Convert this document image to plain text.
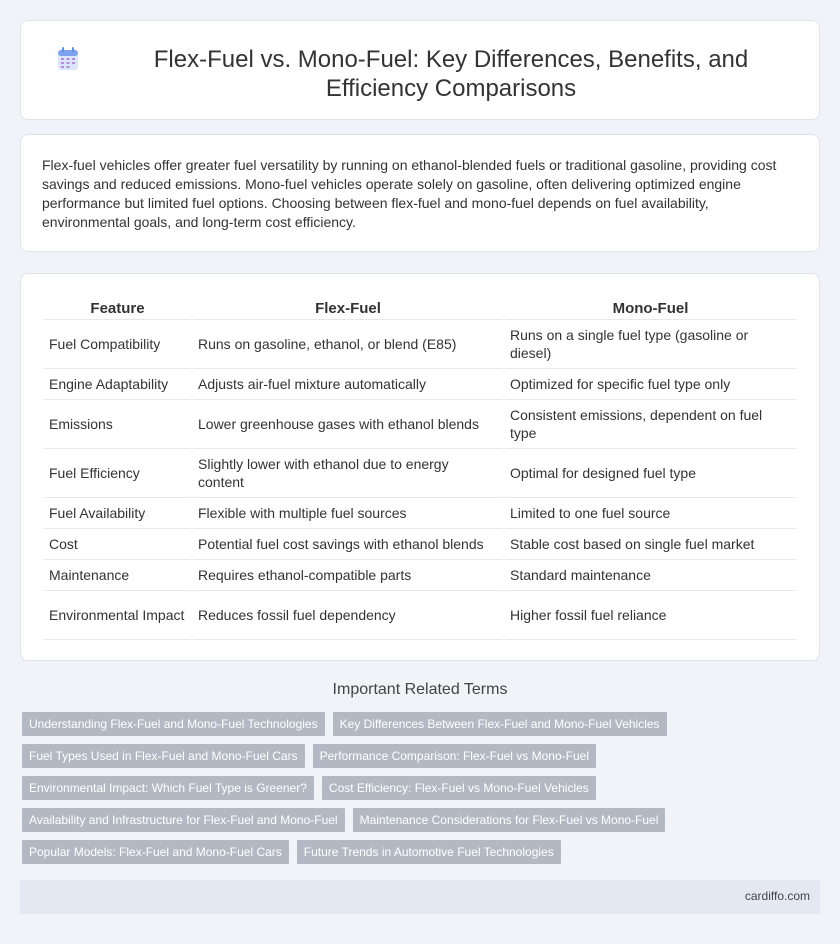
Flex-Fuel vs. Mono-Fuel: Key Differences, Benefits, and Efficiency Comparisons

Flex-fuel vehicles offer greater fuel versatility by running on ethanol-blended fuels or traditional gasoline, providing cost savings and reduced emissions. Mono-fuel vehicles operate solely on gasoline, often delivering optimized engine performance but limited fuel options. Choosing between flex-fuel and mono-fuel depends on fuel availability, environmental goals, and long-term cost efficiency.

Feature	Flex-Fuel	Mono-Fuel
Fuel Compatibility	Runs on gasoline, ethanol, or blend (E85)	Runs on a single fuel type (gasoline or diesel)
Engine Adaptability	Adjusts air-fuel mixture automatically	Optimized for specific fuel type only
Emissions	Lower greenhouse gases with ethanol blends	Consistent emissions, dependent on fuel type
Fuel Efficiency	Slightly lower with ethanol due to energy content	Optimal for designed fuel type
Fuel Availability	Flexible with multiple fuel sources	Limited to one fuel source
Cost	Potential fuel cost savings with ethanol blends	Stable cost based on single fuel market
Maintenance	Requires ethanol-compatible parts	Standard maintenance
Environmental Impact	Reduces fossil fuel dependency	Higher fossil fuel reliance
Important Related Terms
Understanding Flex-Fuel and Mono-Fuel Technologies	Key Differences Between Flex-Fuel and Mono-Fuel Vehicles
Fuel Types Used in Flex-Fuel and Mono-Fuel Cars	Performance Comparison: Flex-Fuel vs Mono-Fuel
Environmental Impact: Which Fuel Type is Greener?	Cost Efficiency: Flex-Fuel vs Mono-Fuel Vehicles
Availability and Infrastructure for Flex-Fuel and Mono-Fuel	Maintenance Considerations for Flex-Fuel vs Mono-Fuel
Popular Models: Flex-Fuel and Mono-Fuel Cars	Future Trends in Automotive Fuel Technologies
cardiffo.com
